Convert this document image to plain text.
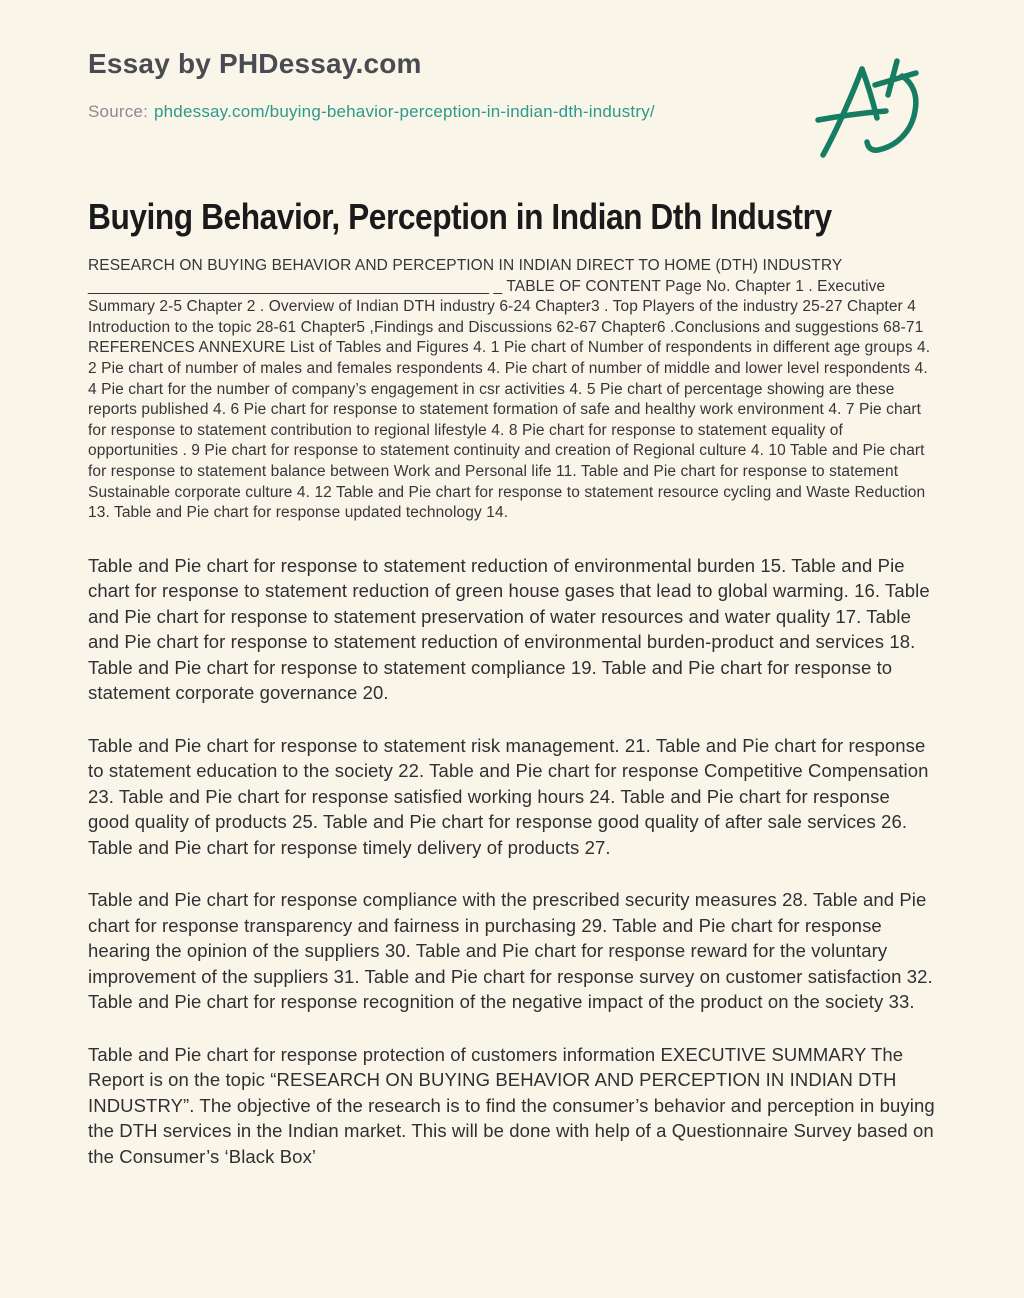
Essay by PHDessay.com
Source: phdessay.com/buying-behavior-perception-in-indian-dth-industry/
Buying Behavior, Perception in Indian Dth Industry

RESEARCH ON BUYING BEHAVIOR AND PERCEPTION IN INDIAN DIRECT TO HOME (DTH) INDUSTRY ______________________________________________ _ TABLE OF CONTENT Page No. Chapter 1 . Executive Summary 2-5 Chapter 2 . Overview of Indian DTH industry 6-24 Chapter3 . Top Players of the industry 25-27 Chapter 4 Introduction to the topic 28-61 Chapter5 ,Findings and Discussions 62-67 Chapter6 .Conclusions and suggestions 68-71 REFERENCES ANNEXURE List of Tables and Figures 4. 1 Pie chart of Number of respondents in different age groups 4. 2 Pie chart of number of males and females respondents 4. Pie chart of number of middle and lower level respondents 4. 4 Pie chart for the number of company’s engagement in csr activities 4. 5 Pie chart of percentage showing are these reports published 4. 6 Pie chart for response to statement formation of safe and healthy work environment 4. 7 Pie chart for response to statement contribution to regional lifestyle 4. 8 Pie chart for response to statement equality of opportunities . 9 Pie chart for response to statement continuity and creation of Regional culture 4. 10 Table and Pie chart for response to statement balance between Work and Personal life 11. Table and Pie chart for response to statement Sustainable corporate culture 4. 12 Table and Pie chart for response to statement resource cycling and Waste Reduction 13. Table and Pie chart for response updated technology 14.

Table and Pie chart for response to statement reduction of environmental burden 15. Table and Pie chart for response to statement reduction of green house gases that lead to global warming. 16. Table and Pie chart for response to statement preservation of water resources and water quality 17. Table and Pie chart for response to statement reduction of environmental burden-product and services 18. Table and Pie chart for response to statement compliance 19. Table and Pie chart for response to statement corporate governance 20.

Table and Pie chart for response to statement risk management. 21. Table and Pie chart for response to statement education to the society 22. Table and Pie chart for response Competitive Compensation 23. Table and Pie chart for response satisfied working hours 24. Table and Pie chart for response good quality of products 25. Table and Pie chart for response good quality of after sale services 26. Table and Pie chart for response timely delivery of products 27.

Table and Pie chart for response compliance with the prescribed security measures 28. Table and Pie chart for response transparency and fairness in purchasing 29. Table and Pie chart for response hearing the opinion of the suppliers 30. Table and Pie chart for response reward for the voluntary improvement of the suppliers 31. Table and Pie chart for response survey on customer satisfaction 32. Table and Pie chart for response recognition of the negative impact of the product on the society 33.

Table and Pie chart for response protection of customers information EXECUTIVE SUMMARY The Report is on the topic “RESEARCH ON BUYING BEHAVIOR AND PERCEPTION IN INDIAN DTH INDUSTRY”. The objective of the research is to find the consumer’s behavior and perception in buying the DTH services in the Indian market. This will be done with help of a Questionnaire Survey based on the Consumer’s ‘Black Box’
